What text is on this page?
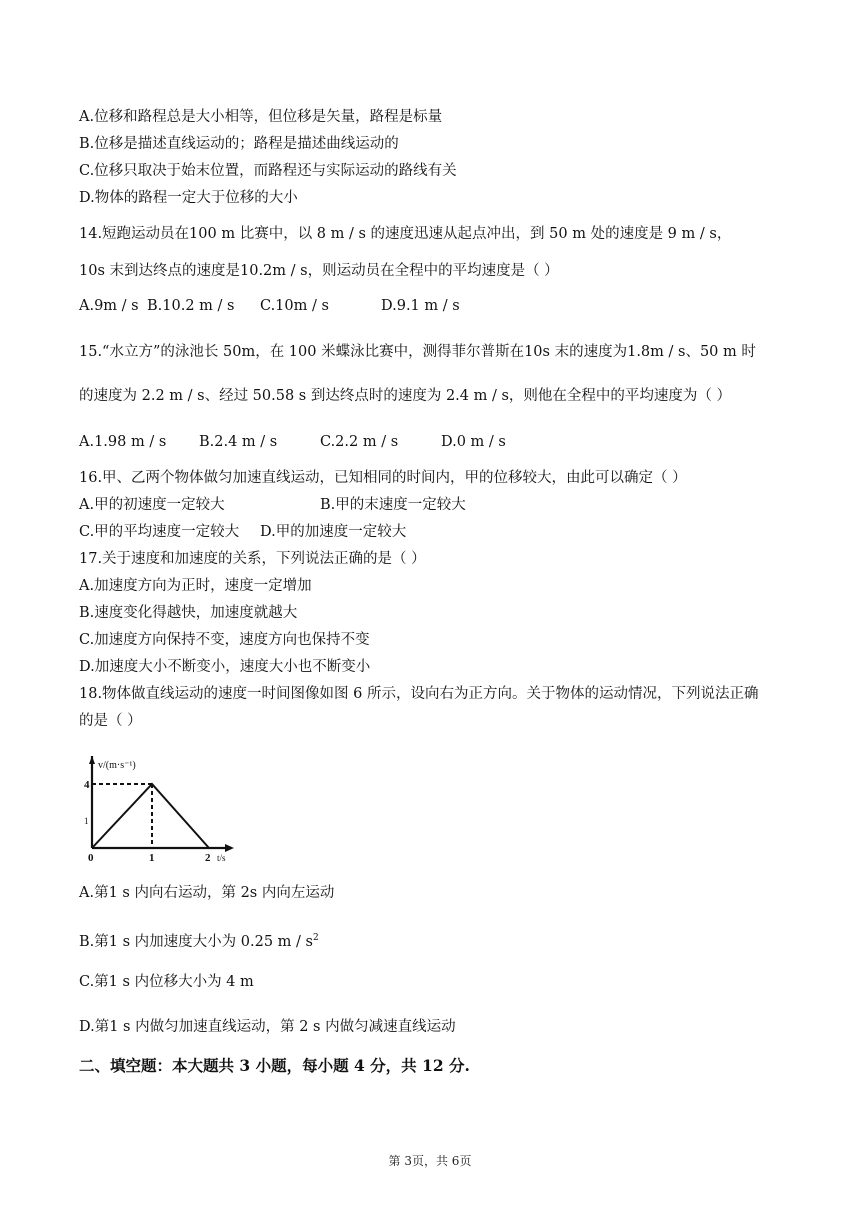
A.位移和路程总是大小相等，但位移是矢量，路程是标量
B.位移是描述直线运动的；路程是描述曲线运动的
C.位移只取决于始末位置，而路程还与实际运动的路线有关
D.物体的路程一定大于位移的大小
14.短跑运动员在100 m 比赛中，以 8 m / s 的速度迅速从起点冲出，到 50 m 处的速度是 9 m / s，
10s 末到达终点的速度是10.2m / s，则运动员在全程中的平均速度是（ ）
A.9m / s B.10.2 m / s C.10m / s	D.9.1 m / s
15.“水立方”的泳池长 50m，在 100 米蝶泳比赛中，测得菲尔普斯在10s 末的速度为1.8m / s、50 m 时
的速度为 2.2 m / s、经过 50.58 s 到达终点时的速度为 2.4 m / s，则他在全程中的平均速度为（ ）
A.1.98 m / s B.2.4 m / s	C.2.2 m / s	D.0 m / s
16.甲、乙两个物体做匀加速直线运动，已知相同的时间内，甲的位移较大，由此可以确定（ ）
A.甲的初速度一定较大	B.甲的末速度一定较大
C.甲的平均速度一定较大 D.甲的加速度一定较大
17.关于速度和加速度的关系，下列说法正确的是（ ）
A.加速度方向为正时，速度一定增加
B.速度变化得越快，加速度就越大
C.加速度方向保持不变，速度方向也保持不变
D.加速度大小不断变小，速度大小也不断变小
18.物体做直线运动的速度一时间图像如图 6 所示，设向右为正方向。关于物体的运动情况，下列说法正确
的是（ ）
v/(m·s⁻¹)
4
1
0	1	2 t/s
A.第1 s 内向右运动，第 2s 内向左运动
B.第1 s 内加速度大小为 0.25 m / $s^2$
C.第1 s 内位移大小为 4 m
D.第1 s 内做匀加速直线运动，第 2 s 内做匀减速直线运动
二、填空题：本大题共 3 小题，每小题 4 分，共 12 分.
第 3页，共 6页
